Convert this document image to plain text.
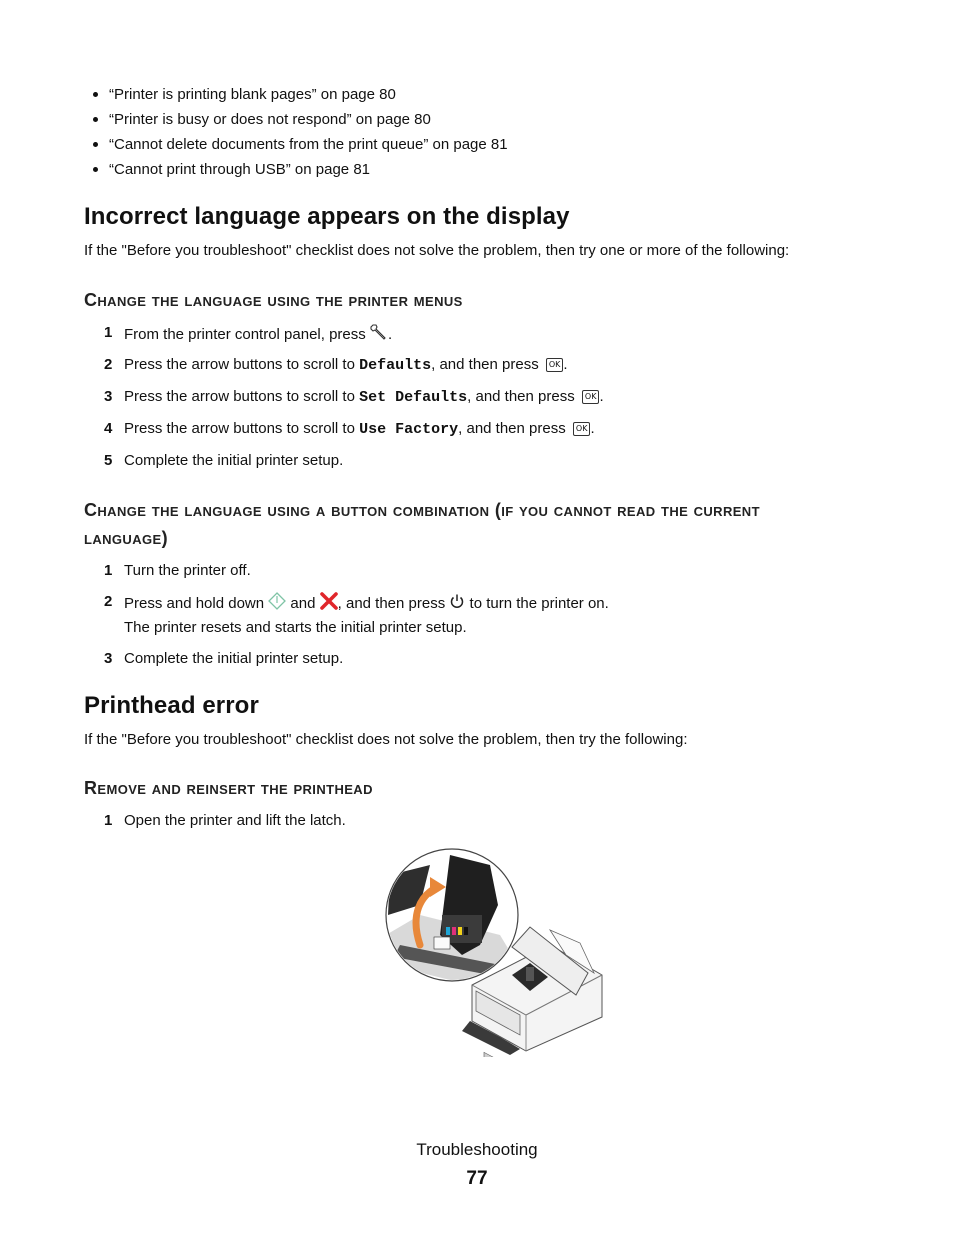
“Printer is printing blank pages” on page 80
“Printer is busy or does not respond” on page 80
“Cannot delete documents from the print queue” on page 81
“Cannot print through USB” on page 81
Incorrect language appears on the display
If the "Before you troubleshoot" checklist does not solve the problem, then try one or more of the following:
Change the language using the printer menus
1 From the printer control panel, press .
2 Press the arrow buttons to scroll to Defaults, and then press OK .
3 Press the arrow buttons to scroll to Set Defaults, and then press OK .
4 Press the arrow buttons to scroll to Use Factory, and then press OK .
5 Complete the initial printer setup.
Change the language using a button combination (if you cannot read the current
language)
1 Turn the printer off.
2 Press and hold down  and , and then press  to turn the printer on.
The printer resets and starts the initial printer setup.
3 Complete the initial printer setup.
Printhead error
If the "Before you troubleshoot" checklist does not solve the problem, then try the following:
Remove and reinsert the printhead
1 Open the printer and lift the latch.
Troubleshooting
77
